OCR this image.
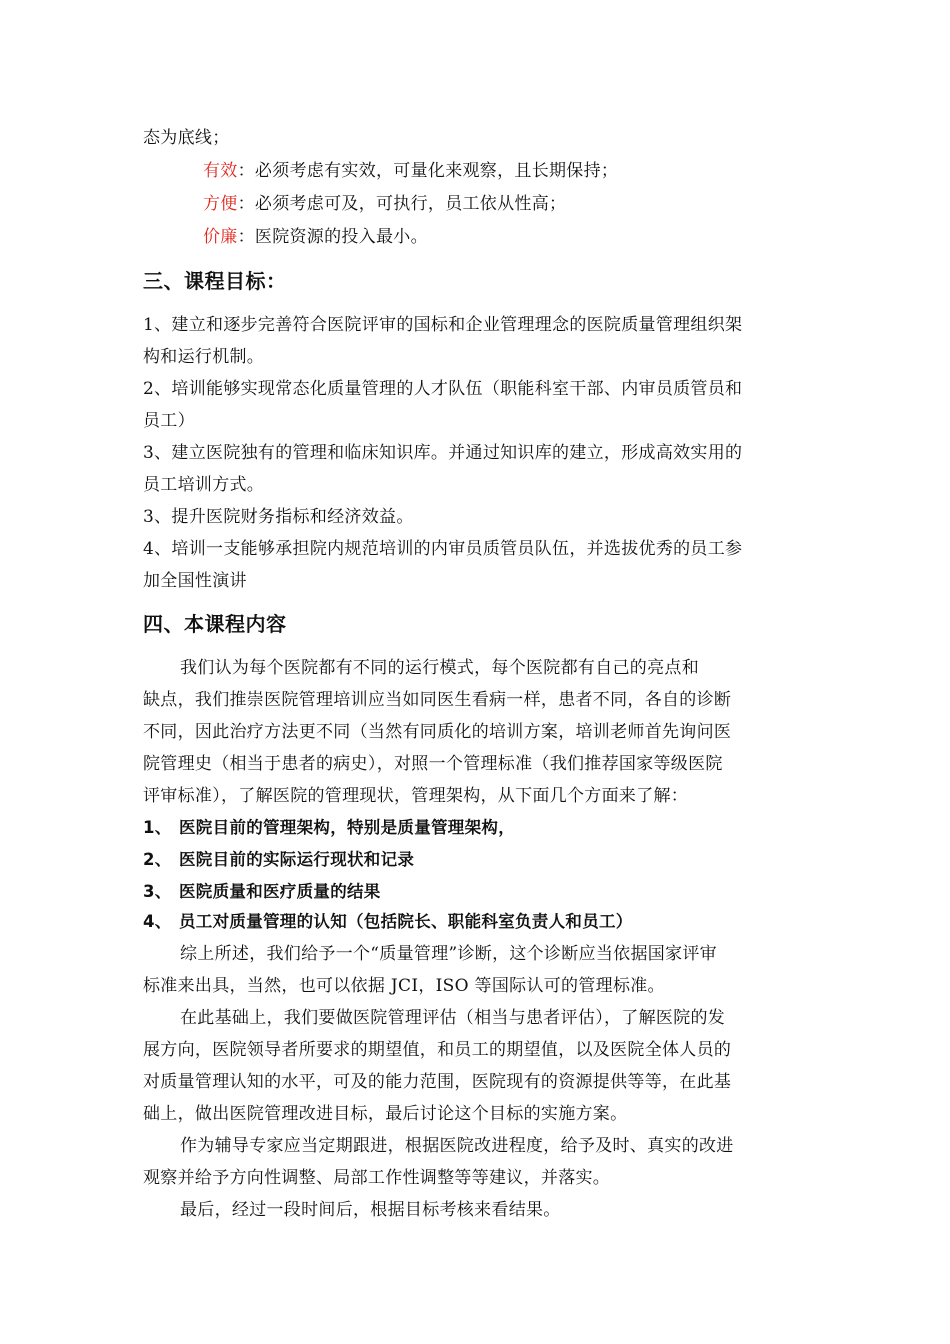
态为底线；
有效：必须考虑有实效，可量化来观察，且长期保持；
方便：必须考虑可及，可执行，员工依从性高；
价廉：医院资源的投入最小。
三、课程目标：
1、建立和逐步完善符合医院评审的国标和企业管理理念的医院质量管理组织架
构和运行机制。
2、培训能够实现常态化质量管理的人才队伍（职能科室干部、内审员质管员和
员工）
3、建立医院独有的管理和临床知识库。并通过知识库的建立，形成高效实用的
员工培训方式。
3、提升医院财务指标和经济效益。
4、培训一支能够承担院内规范培训的内审员质管员队伍，并选拔优秀的员工参
加全国性演讲
四、本课程内容
我们认为每个医院都有不同的运行模式，每个医院都有自己的亮点和
缺点，我们推崇医院管理培训应当如同医生看病一样，患者不同，各自的诊断
不同，因此治疗方法更不同（当然有同质化的培训方案，培训老师首先询问医
院管理史（相当于患者的病史），对照一个管理标准（我们推荐国家等级医院
评审标准），了解医院的管理现状，管理架构，从下面几个方面来了解：
1、 医院目前的管理架构，特别是质量管理架构，
2、 医院目前的实际运行现状和记录
3、 医院质量和医疗质量的结果
4、 员工对质量管理的认知（包括院长、职能科室负责人和员工）
综上所述，我们给予一个“质量管理”诊断，这个诊断应当依据国家评审
标准来出具，当然，也可以依据 JCI，ISO 等国际认可的管理标准。
在此基础上，我们要做医院管理评估（相当与患者评估），了解医院的发
展方向，医院领导者所要求的期望值，和员工的期望值，以及医院全体人员的
对质量管理认知的水平，可及的能力范围，医院现有的资源提供等等，在此基
础上，做出医院管理改进目标，最后讨论这个目标的实施方案。
作为辅导专家应当定期跟进，根据医院改进程度，给予及时、真实的改进
观察并给予方向性调整、局部工作性调整等等建议，并落实。
最后，经过一段时间后，根据目标考核来看结果。
